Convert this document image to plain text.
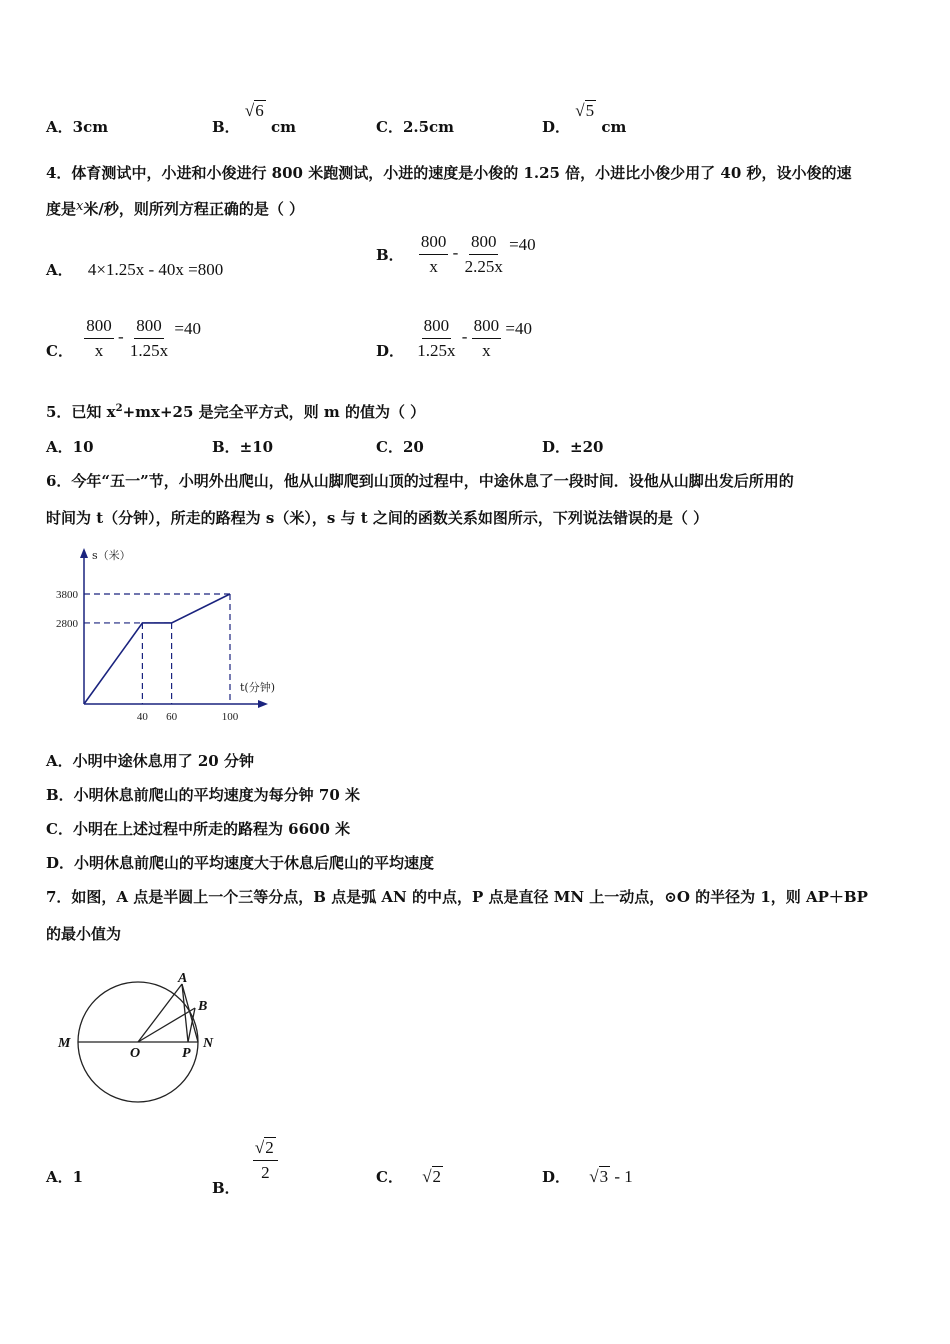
A．3cm	B． √6 cm	C．2.5cm	D． √5 cm
4．体育测试中，小进和小俊进行 800 米跑测试，小进的速度是小俊的 1.25 倍，小进比小俊少用了 40 秒，设小俊的速
度是x米/秒，则所列方程正确的是（ ）
A． 4×1.25x - 40x =800
B． $\frac{800}{x} - \frac{800}{2.25x} =40$
C． $\frac{800}{x} - \frac{800}{1.25x} =40$
D． $\frac{800}{1.25x} - \frac{800}{x} =40$
5．已知 $x^2+mx+25$ 是完全平方式，则 m 的值为（ ）
A．10	B．±10	C．20	D．±20
6．今年“五一”节，小明外出爬山，他从山脚爬到山顶的过程中，中途休息了一段时间．设他从山脚出发后所用的
时间为 t（分钟），所走的路程为 s（米），s 与 t 之间的函数关系如图所示，下列说法错误的是（ ）
s（米）
t(分钟)
2800
3800
40 60	100
A．小明中途休息用了 20 分钟
B．小明休息前爬山的平均速度为每分钟 70 米
C．小明在上述过程中所走的路程为 6600 米
D．小明休息前爬山的平均速度大于休息后爬山的平均速度
7．如图，A 点是半圆上一个三等分点，B 点是弧 AN 的中点，P 点是直径 MN 上一动点，⊙O 的半径为 1，则 AP＋BP
的最小值为
A
B
M
O	P
N
A．1
B．
$\frac{√2}{2}$	C． √2	D． √3 - 1
